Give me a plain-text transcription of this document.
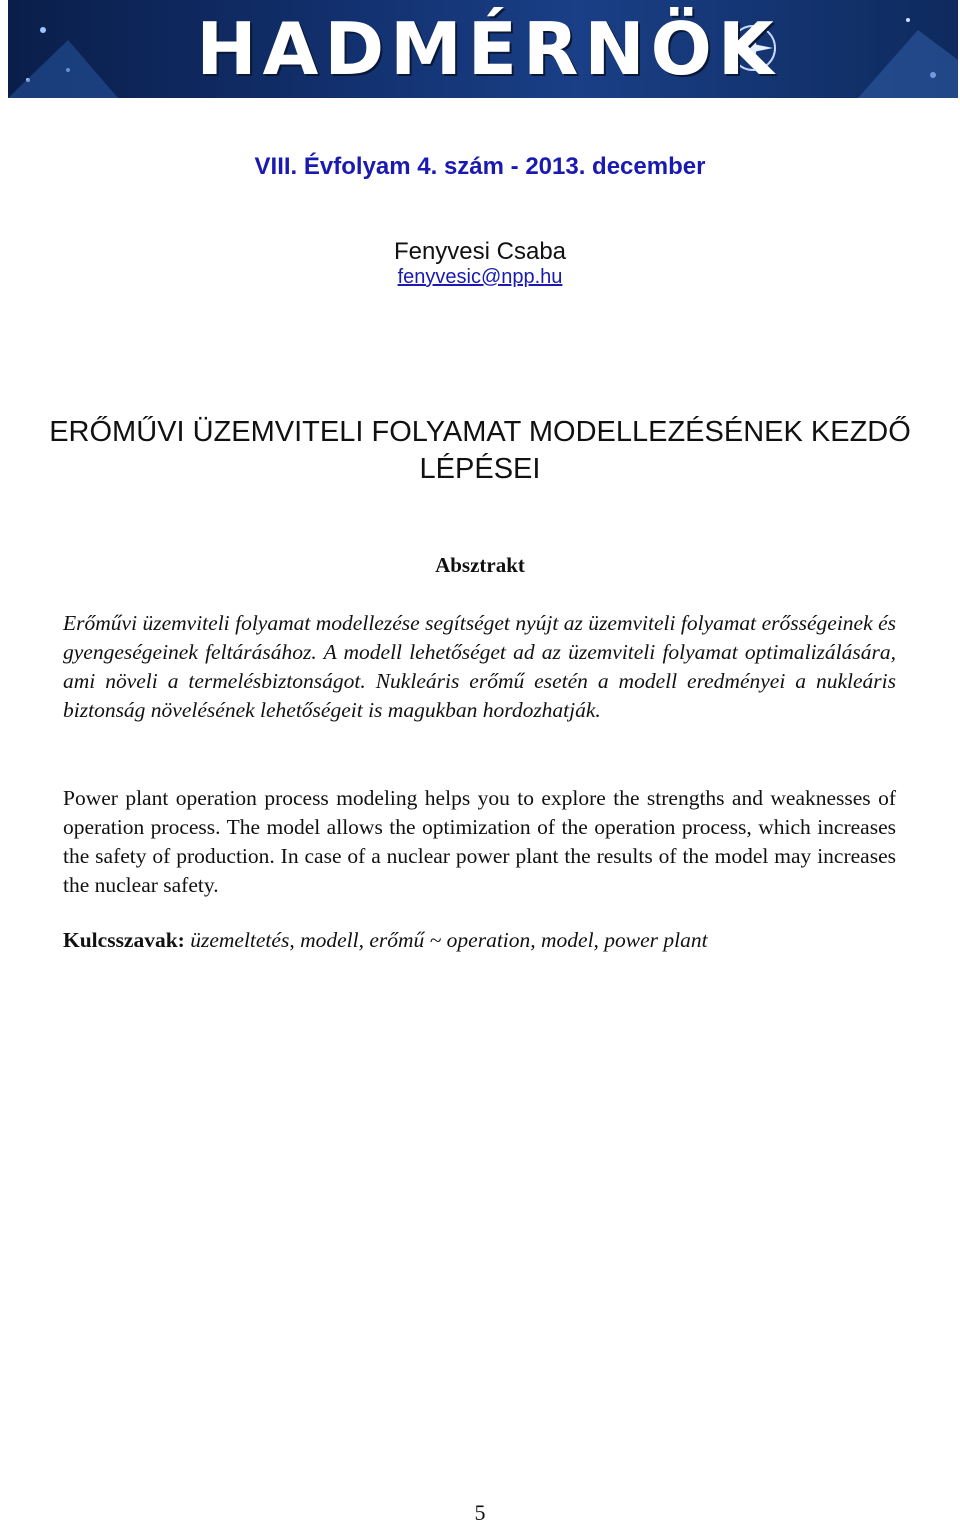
HADMÉRNÖK
VIII. Évfolyam 4. szám - 2013. december
Fenyvesi Csaba
fenyvesic@npp.hu
ERŐMŰVI ÜZEMVITELI FOLYAMAT MODELLEZÉSÉNEK KEZDŐ LÉPÉSEI
Absztrakt

Erőművi üzemviteli folyamat modellezése segítséget nyújt az üzemviteli folyamat erősségeinek és gyengeségeinek feltárásához. A modell lehetőséget ad az üzemviteli folyamat optimalizálására, ami növeli a termelésbiztonságot. Nukleáris erőmű esetén a modell eredményei a nukleáris biztonság növelésének lehetőségeit is magukban hordozhatják.

Power plant operation process modeling helps you to explore the strengths and weaknesses of operation process. The model allows the optimization of the operation process, which increases the safety of production. In case of a nuclear power plant the results of the model may increases the nuclear safety.

Kulcsszavak: üzemeltetés, modell, erőmű ~ operation, model, power plant
5
